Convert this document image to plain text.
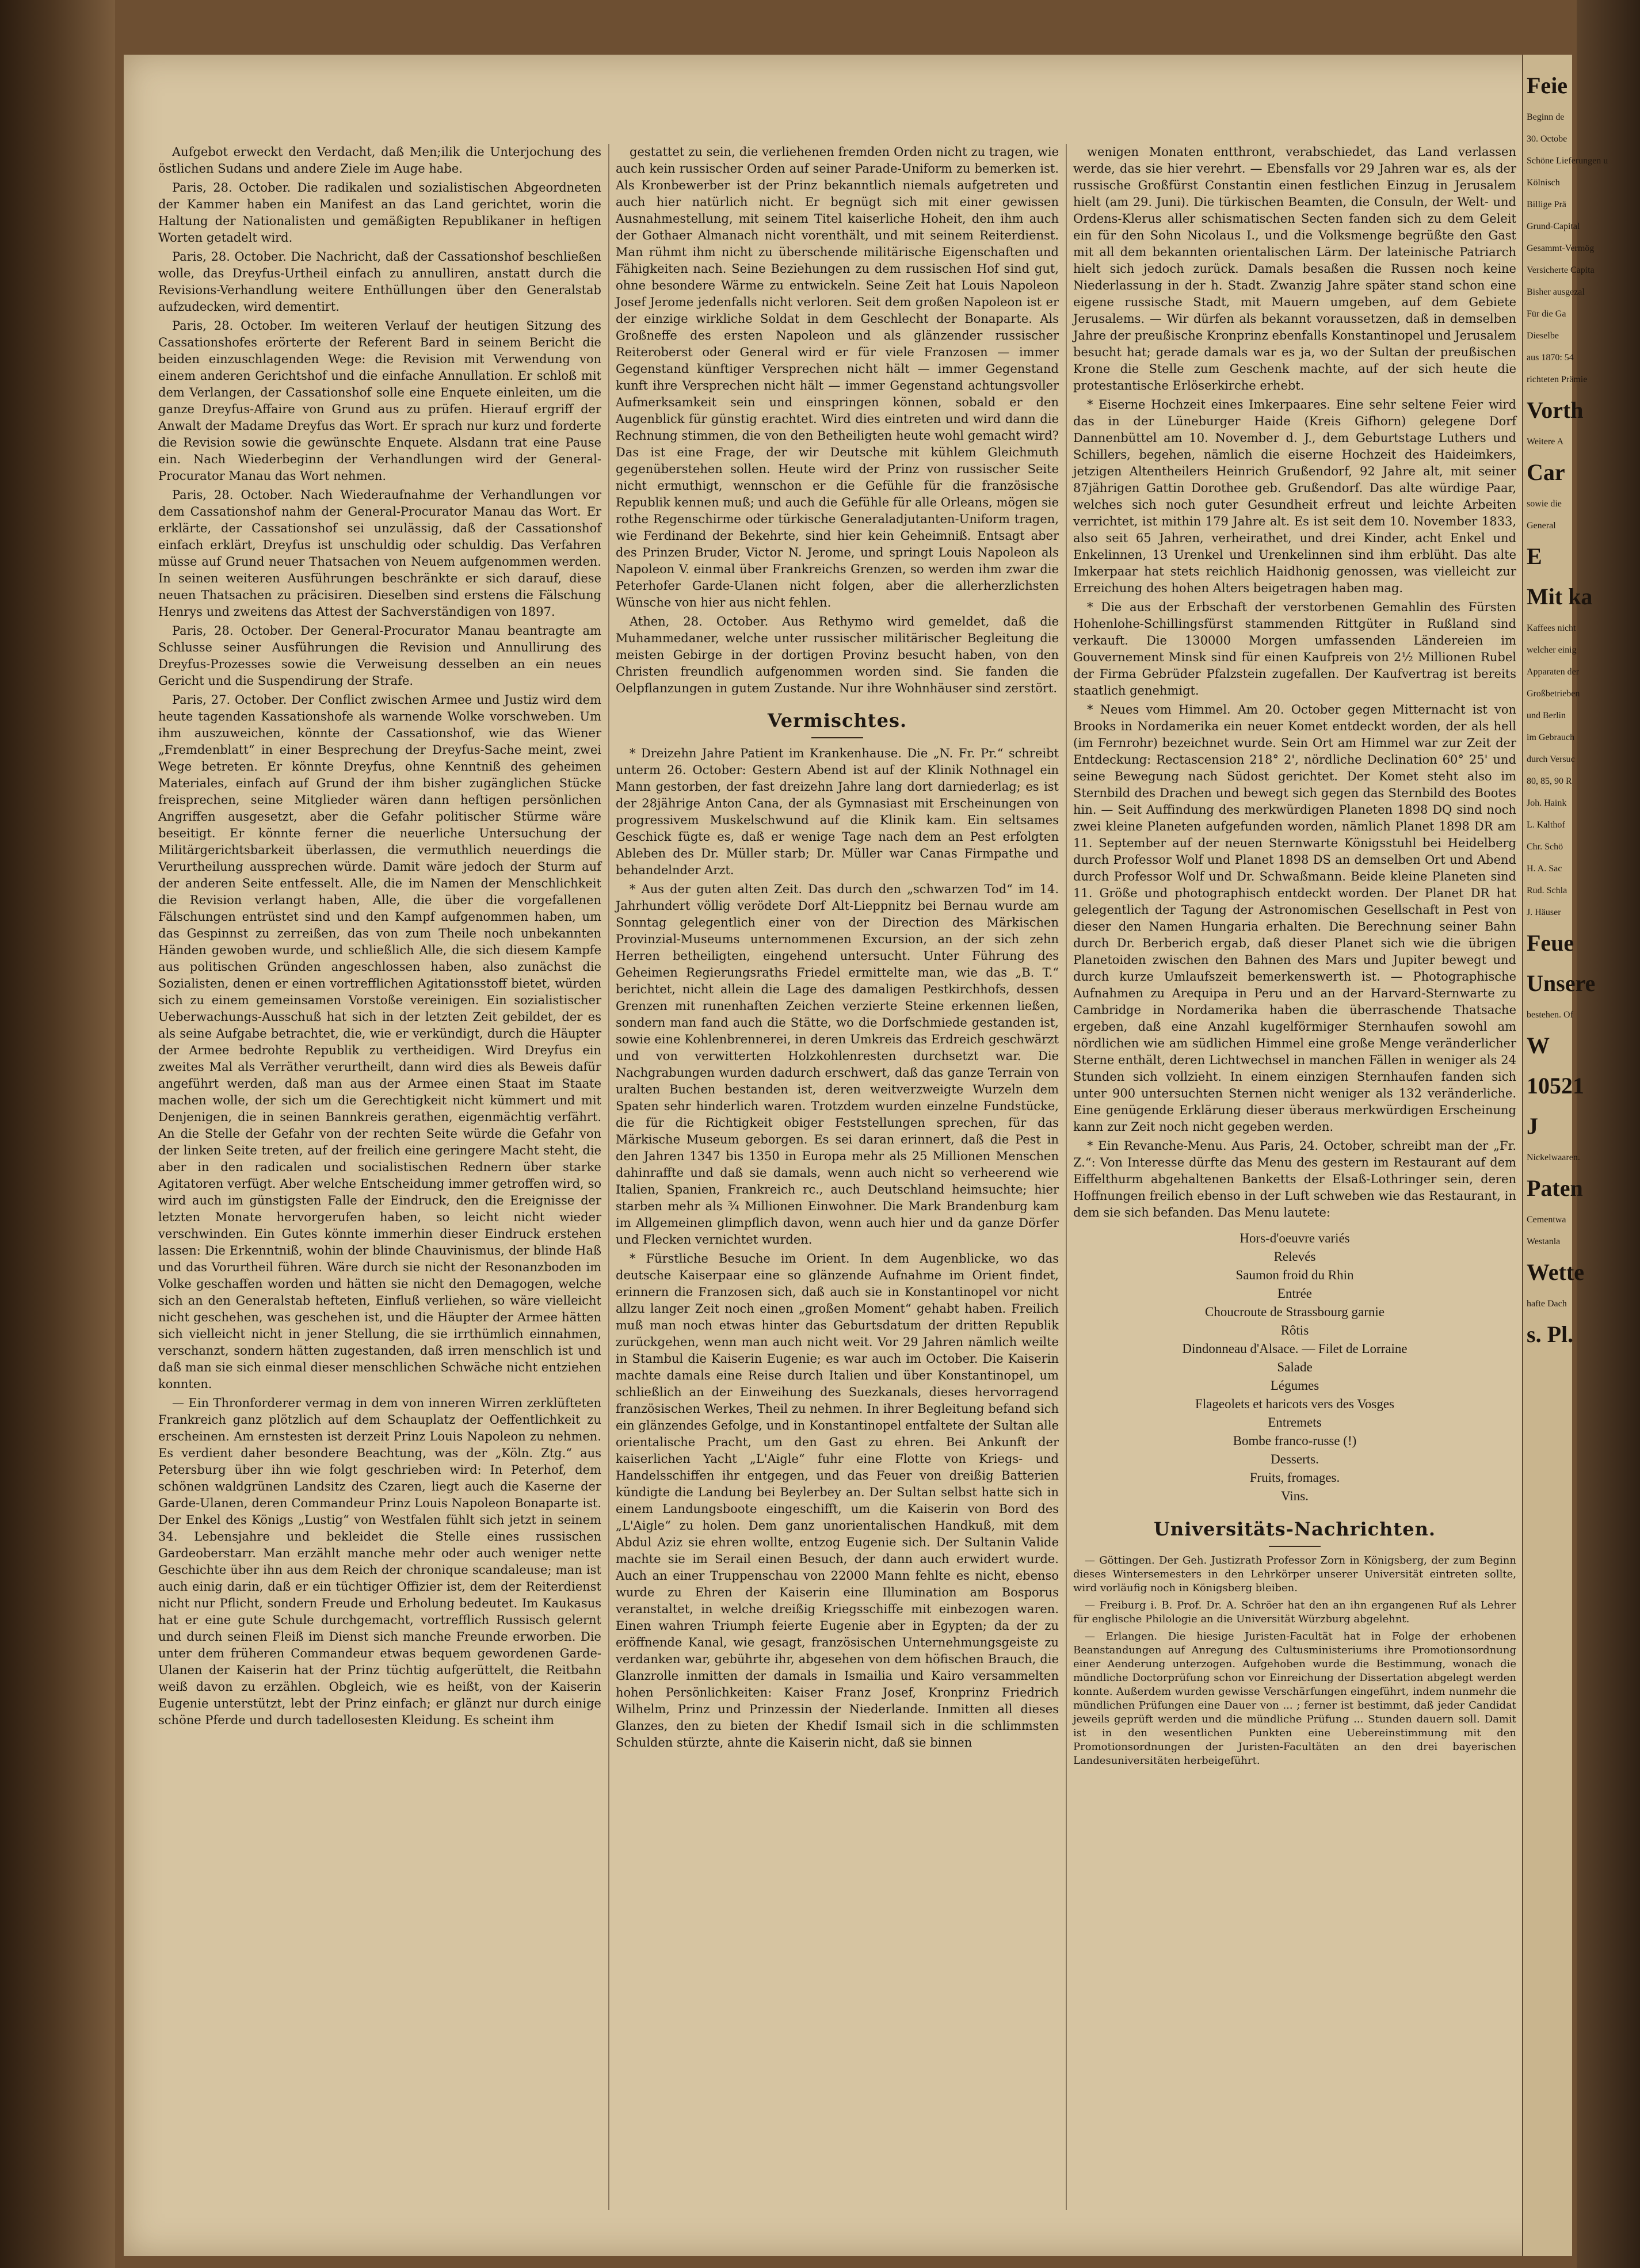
Aufgebot erweckt den Verdacht, daß Men;ilik die Unterjochung des östlichen Sudans und andere Ziele im Auge habe.

Paris, 28. October. Die radikalen und sozialistischen Abgeordneten der Kammer haben ein Manifest an das Land gerichtet, worin die Haltung der Nationalisten und gemäßigten Republikaner in heftigen Worten getadelt wird.

Paris, 28. October. Die Nachricht, daß der Cassationshof beschließen wolle, das Dreyfus-Urtheil einfach zu annulliren, anstatt durch die Revisions-Verhandlung weitere Enthüllungen über den Generalstab aufzudecken, wird dementirt.

Paris, 28. October. Im weiteren Verlauf der heutigen Sitzung des Cassationshofes erörterte der Referent Bard in seinem Bericht die beiden einzuschlagenden Wege: die Revision mit Verwendung von einem anderen Gerichtshof und die einfache Annullation. Er schloß mit dem Verlangen, der Cassationshof solle eine Enquete einleiten, um die ganze Dreyfus-Affaire von Grund aus zu prüfen. Hierauf ergriff der Anwalt der Madame Dreyfus das Wort. Er sprach nur kurz und forderte die Revision sowie die gewünschte Enquete. Alsdann trat eine Pause ein. Nach Wiederbeginn der Verhandlungen wird der General-Procurator Manau das Wort nehmen.

Paris, 28. October. Nach Wiederaufnahme der Verhandlungen vor dem Cassationshof nahm der General-Procurator Manau das Wort. Er erklärte, der Cassationshof sei unzulässig, daß der Cassationshof einfach erklärt, Dreyfus ist unschuldig oder schuldig. Das Verfahren müsse auf Grund neuer Thatsachen von Neuem aufgenommen werden. In seinen weiteren Ausführungen beschränkte er sich darauf, diese neuen Thatsachen zu präcisiren. Dieselben sind erstens die Fälschung Henrys und zweitens das Attest der Sachverständigen von 1897.

Paris, 28. October. Der General-Procurator Manau beantragte am Schlusse seiner Ausführungen die Revision und Annullirung des Dreyfus-Prozesses sowie die Verweisung desselben an ein neues Gericht und die Suspendirung der Strafe.

Paris, 27. October. Der Conflict zwischen Armee und Justiz wird dem heute tagenden Kassationshofe als warnende Wolke vorschweben. Um ihm auszuweichen, könnte der Cassationshof, wie das Wiener „Fremdenblatt“ in einer Besprechung der Dreyfus-Sache meint, zwei Wege betreten. Er könnte Dreyfus, ohne Kenntniß des geheimen Materiales, einfach auf Grund der ihm bisher zugänglichen Stücke freisprechen, seine Mitglieder wären dann heftigen persönlichen Angriffen ausgesetzt, aber die Gefahr politischer Stürme wäre beseitigt. Er könnte ferner die neuerliche Untersuchung der Militärgerichtsbarkeit überlassen, die vermuthlich neuerdings die Verurtheilung aussprechen würde. Damit wäre jedoch der Sturm auf der anderen Seite entfesselt. Alle, die im Namen der Menschlichkeit die Revision verlangt haben, Alle, die über die vorgefallenen Fälschungen entrüstet sind und den Kampf aufgenommen haben, um das Gespinnst zu zerreißen, das von zum Theile noch unbekannten Händen gewoben wurde, und schließlich Alle, die sich diesem Kampfe aus politischen Gründen angeschlossen haben, also zunächst die Sozialisten, denen er einen vortrefflichen Agitationsstoff bietet, würden sich zu einem gemeinsamen Vorstoße vereinigen. Ein sozialistischer Ueberwachungs-Ausschuß hat sich in der letzten Zeit gebildet, der es als seine Aufgabe betrachtet, die, wie er verkündigt, durch die Häupter der Armee bedrohte Republik zu vertheidigen. Wird Dreyfus ein zweites Mal als Verräther verurtheilt, dann wird dies als Beweis dafür angeführt werden, daß man aus der Armee einen Staat im Staate machen wolle, der sich um die Gerechtigkeit nicht kümmert und mit Denjenigen, die in seinen Bannkreis gerathen, eigenmächtig verfährt. An die Stelle der Gefahr von der rechten Seite würde die Gefahr von der linken Seite treten, auf der freilich eine geringere Macht steht, die aber in den radicalen und socialistischen Rednern über starke Agitatoren verfügt. Aber welche Entscheidung immer getroffen wird, so wird auch im günstigsten Falle der Eindruck, den die Ereignisse der letzten Monate hervorgerufen haben, so leicht nicht wieder verschwinden. Ein Gutes könnte immerhin dieser Eindruck erstehen lassen: Die Erkenntniß, wohin der blinde Chauvinismus, der blinde Haß und das Vorurtheil führen. Wäre durch sie nicht der Resonanzboden im Volke geschaffen worden und hätten sie nicht den Demagogen, welche sich an den Generalstab hefteten, Einfluß verliehen, so wäre vielleicht nicht geschehen, was geschehen ist, und die Häupter der Armee hätten sich vielleicht nicht in jener Stellung, die sie irrthümlich einnahmen, verschanzt, sondern hätten zugestanden, daß irren menschlich ist und daß man sie sich einmal dieser menschlichen Schwäche nicht entziehen konnten.

— Ein Thronforderer vermag in dem von inneren Wirren zerklüfteten Frankreich ganz plötzlich auf dem Schauplatz der Oeffentlichkeit zu erscheinen. Am ernstesten ist derzeit Prinz Louis Napoleon zu nehmen. Es verdient daher besondere Beachtung, was der „Köln. Ztg.“ aus Petersburg über ihn wie folgt geschrieben wird: In Peterhof, dem schönen waldgrünen Landsitz des Czaren, liegt auch die Kaserne der Garde-Ulanen, deren Commandeur Prinz Louis Napoleon Bonaparte ist. Der Enkel des Königs „Lustig“ von Westfalen fühlt sich jetzt in seinem 34. Lebensjahre und bekleidet die Stelle eines russischen Gardeoberstarr. Man erzählt manche mehr oder auch weniger nette Geschichte über ihn aus dem Reich der chronique scandaleuse; man ist auch einig darin, daß er ein tüchtiger Offizier ist, dem der Reiterdienst nicht nur Pflicht, sondern Freude und Erholung bedeutet. Im Kaukasus hat er eine gute Schule durchgemacht, vortrefflich Russisch gelernt und durch seinen Fleiß im Dienst sich manche Freunde erworben. Die unter dem früheren Commandeur etwas bequem gewordenen Garde-Ulanen der Kaiserin hat der Prinz tüchtig aufgerüttelt, die Reitbahn weiß davon zu erzählen. Obgleich, wie es heißt, von der Kaiserin Eugenie unterstützt, lebt der Prinz einfach; er glänzt nur durch einige schöne Pferde und durch tadellosesten Kleidung. Es scheint ihm

gestattet zu sein, die verliehenen fremden Orden nicht zu tragen, wie auch kein russischer Orden auf seiner Parade-Uniform zu bemerken ist. Als Kronbewerber ist der Prinz bekanntlich niemals aufgetreten und auch hier natürlich nicht. Er begnügt sich mit einer gewissen Ausnahmestellung, mit seinem Titel kaiserliche Hoheit, den ihm auch der Gothaer Almanach nicht vorenthält, und mit seinem Reiterdienst. Man rühmt ihm nicht zu überschende militärische Eigenschaften und Fähigkeiten nach. Seine Beziehungen zu dem russischen Hof sind gut, ohne besondere Wärme zu entwickeln. Seine Zeit hat Louis Napoleon Josef Jerome jedenfalls nicht verloren. Seit dem großen Napoleon ist er der einzige wirkliche Soldat in dem Geschlecht der Bonaparte. Als Großneffe des ersten Napoleon und als glänzender russischer Reiteroberst oder General wird er für viele Franzosen — immer Gegenstand künftiger Versprechen nicht hält — immer Gegenstand kunft ihre Versprechen nicht hält — immer Gegenstand achtungsvoller Aufmerksamkeit sein und einspringen können, sobald er den Augenblick für günstig erachtet. Wird dies eintreten und wird dann die Rechnung stimmen, die von den Betheiligten heute wohl gemacht wird? Das ist eine Frage, der wir Deutsche mit kühlem Gleichmuth gegenüberstehen sollen. Heute wird der Prinz von russischer Seite nicht ermuthigt, wennschon er die Gefühle für die französische Republik kennen muß; und auch die Gefühle für alle Orleans, mögen sie rothe Regenschirme oder türkische Generaladjutanten-Uniform tragen, wie Ferdinand der Bekehrte, sind hier kein Geheimniß. Entsagt aber des Prinzen Bruder, Victor N. Jerome, und springt Louis Napoleon als Napoleon V. einmal über Frankreichs Grenzen, so werden ihm zwar die Peterhofer Garde-Ulanen nicht folgen, aber die allerherzlichsten Wünsche von hier aus nicht fehlen.

Athen, 28. October. Aus Rethymo wird gemeldet, daß die Muhammedaner, welche unter russischer militärischer Begleitung die meisten Gebirge in der dortigen Provinz besucht haben, von den Christen freundlich aufgenommen worden sind. Sie fanden die Oelpflanzungen in gutem Zustande. Nur ihre Wohnhäuser sind zerstört.

Vermischtes.

* Dreizehn Jahre Patient im Krankenhause. Die „N. Fr. Pr.“ schreibt unterm 26. October: Gestern Abend ist auf der Klinik Nothnagel ein Mann gestorben, der fast dreizehn Jahre lang dort darniederlag; es ist der 28jährige Anton Cana, der als Gymnasiast mit Erscheinungen von progressivem Muskelschwund auf die Klinik kam. Ein seltsames Geschick fügte es, daß er wenige Tage nach dem an Pest erfolgten Ableben des Dr. Müller starb; Dr. Müller war Canas Firmpathe und behandelnder Arzt.

* Aus der guten alten Zeit. Das durch den „schwarzen Tod“ im 14. Jahrhundert völlig verödete Dorf Alt-Lieppnitz bei Bernau wurde am Sonntag gelegentlich einer von der Direction des Märkischen Provinzial-Museums unternommenen Excursion, an der sich zehn Herren betheiligten, eingehend untersucht. Unter Führung des Geheimen Regierungsraths Friedel ermittelte man, wie das „B. T.“ berichtet, nicht allein die Lage des damaligen Pestkirchhofs, dessen Grenzen mit runenhaften Zeichen verzierte Steine erkennen ließen, sondern man fand auch die Stätte, wo die Dorfschmiede gestanden ist, sowie eine Kohlenbrennerei, in deren Umkreis das Erdreich geschwärzt und von verwitterten Holzkohlenresten durchsetzt war. Die Nachgrabungen wurden dadurch erschwert, daß das ganze Terrain von uralten Buchen bestanden ist, deren weitverzweigte Wurzeln dem Spaten sehr hinderlich waren. Trotzdem wurden einzelne Fundstücke, die für die Richtigkeit obiger Feststellungen sprechen, für das Märkische Museum geborgen. Es sei daran erinnert, daß die Pest in den Jahren 1347 bis 1350 in Europa mehr als 25 Millionen Menschen dahinraffte und daß sie damals, wenn auch nicht so verheerend wie Italien, Spanien, Frankreich rc., auch Deutschland heimsuchte; hier starben mehr als ¾ Millionen Einwohner. Die Mark Brandenburg kam im Allgemeinen glimpflich davon, wenn auch hier und da ganze Dörfer und Flecken vernichtet wurden.

* Fürstliche Besuche im Orient. In dem Augenblicke, wo das deutsche Kaiserpaar eine so glänzende Aufnahme im Orient findet, erinnern die Franzosen sich, daß auch sie in Konstantinopel vor nicht allzu langer Zeit noch einen „großen Moment“ gehabt haben. Freilich muß man noch etwas hinter das Geburtsdatum der dritten Republik zurückgehen, wenn man auch nicht weit. Vor 29 Jahren nämlich weilte in Stambul die Kaiserin Eugenie; es war auch im October. Die Kaiserin machte damals eine Reise durch Italien und über Konstantinopel, um schließlich an der Einweihung des Suezkanals, dieses hervorragend französischen Werkes, Theil zu nehmen. In ihrer Begleitung befand sich ein glänzendes Gefolge, und in Konstantinopel entfaltete der Sultan alle orientalische Pracht, um den Gast zu ehren. Bei Ankunft der kaiserlichen Yacht „L'Aigle“ fuhr eine Flotte von Kriegs- und Handelsschiffen ihr entgegen, und das Feuer von dreißig Batterien kündigte die Landung bei Beylerbey an. Der Sultan selbst hatte sich in einem Landungsboote eingeschifft, um die Kaiserin von Bord des „L'Aigle“ zu holen. Dem ganz unorientalischen Handkuß, mit dem Abdul Aziz sie ehren wollte, entzog Eugenie sich. Der Sultanin Valide machte sie im Serail einen Besuch, der dann auch erwidert wurde. Auch an einer Truppenschau von 22000 Mann fehlte es nicht, ebenso wurde zu Ehren der Kaiserin eine Illumination am Bosporus veranstaltet, in welche dreißig Kriegsschiffe mit einbezogen waren. Einen wahren Triumph feierte Eugenie aber in Egypten; da der zu eröffnende Kanal, wie gesagt, französischen Unternehmungsgeiste zu verdanken war, gebührte ihr, abgesehen von dem höfischen Brauch, die Glanzrolle inmitten der damals in Ismailia und Kairo versammelten hohen Persönlichkeiten: Kaiser Franz Josef, Kronprinz Friedrich Wilhelm, Prinz und Prinzessin der Niederlande. Inmitten all dieses Glanzes, den zu bieten der Khedif Ismail sich in die schlimmsten Schulden stürzte, ahnte die Kaiserin nicht, daß sie binnen

wenigen Monaten entthront, verabschiedet, das Land verlassen werde, das sie hier verehrt. — Ebensfalls vor 29 Jahren war es, als der russische Großfürst Constantin einen festlichen Einzug in Jerusalem hielt (am 29. Juni). Die türkischen Beamten, die Consuln, der Welt- und Ordens-Klerus aller schismatischen Secten fanden sich zu dem Geleit ein für den Sohn Nicolaus I., und die Volksmenge begrüßte den Gast mit all dem bekannten orientalischen Lärm. Der lateinische Patriarch hielt sich jedoch zurück. Damals besaßen die Russen noch keine Niederlassung in der h. Stadt. Zwanzig Jahre später stand schon eine eigene russische Stadt, mit Mauern umgeben, auf dem Gebiete Jerusalems. — Wir dürfen als bekannt voraussetzen, daß in demselben Jahre der preußische Kronprinz ebenfalls Konstantinopel und Jerusalem besucht hat; gerade damals war es ja, wo der Sultan der preußischen Krone die Stelle zum Geschenk machte, auf der sich heute die protestantische Erlöserkirche erhebt.

* Eiserne Hochzeit eines Imkerpaares. Eine sehr seltene Feier wird das in der Lüneburger Haide (Kreis Gifhorn) gelegene Dorf Dannenbüttel am 10. November d. J., dem Geburtstage Luthers und Schillers, begehen, nämlich die eiserne Hochzeit des Haideimkers, jetzigen Altentheilers Heinrich Grußendorf, 92 Jahre alt, mit seiner 87jährigen Gattin Dorothee geb. Grußendorf. Das alte würdige Paar, welches sich noch guter Gesundheit erfreut und leichte Arbeiten verrichtet, ist mithin 179 Jahre alt. Es ist seit dem 10. November 1833, also seit 65 Jahren, verheirathet, und drei Kinder, acht Enkel und Enkelinnen, 13 Urenkel und Urenkelinnen sind ihm erblüht. Das alte Imkerpaar hat stets reichlich Haidhonig genossen, was vielleicht zur Erreichung des hohen Alters beigetragen haben mag.

* Die aus der Erbschaft der verstorbenen Gemahlin des Fürsten Hohenlohe-Schillingsfürst stammenden Rittgüter in Rußland sind verkauft. Die 130000 Morgen umfassenden Ländereien im Gouvernement Minsk sind für einen Kaufpreis von 2½ Millionen Rubel der Firma Gebrüder Pfalzstein zugefallen. Der Kaufvertrag ist bereits staatlich genehmigt.

* Neues vom Himmel. Am 20. October gegen Mitternacht ist von Brooks in Nordamerika ein neuer Komet entdeckt worden, der als hell (im Fernrohr) bezeichnet wurde. Sein Ort am Himmel war zur Zeit der Entdeckung: Rectascension 218° 2', nördliche Declination 60° 25' und seine Bewegung nach Südost gerichtet. Der Komet steht also im Sternbild des Drachen und bewegt sich gegen das Sternbild des Bootes hin. — Seit Auffindung des merkwürdigen Planeten 1898 DQ sind noch zwei kleine Planeten aufgefunden worden, nämlich Planet 1898 DR am 11. September auf der neuen Sternwarte Königsstuhl bei Heidelberg durch Professor Wolf und Planet 1898 DS an demselben Ort und Abend durch Professor Wolf und Dr. Schwaßmann. Beide kleine Planeten sind 11. Größe und photographisch entdeckt worden. Der Planet DR hat gelegentlich der Tagung der Astronomischen Gesellschaft in Pest von dieser den Namen Hungaria erhalten. Die Berechnung seiner Bahn durch Dr. Berberich ergab, daß dieser Planet sich wie die übrigen Planetoiden zwischen den Bahnen des Mars und Jupiter bewegt und durch kurze Umlaufszeit bemerkenswerth ist. — Photographische Aufnahmen zu Arequipa in Peru und an der Harvard-Sternwarte zu Cambridge in Nordamerika haben die überraschende Thatsache ergeben, daß eine Anzahl kugelförmiger Sternhaufen sowohl am nördlichen wie am südlichen Himmel eine große Menge veränderlicher Sterne enthält, deren Lichtwechsel in manchen Fällen in weniger als 24 Stunden sich vollzieht. In einem einzigen Sternhaufen fanden sich unter 900 untersuchten Sternen nicht weniger als 132 veränderliche. Eine genügende Erklärung dieser überaus merkwürdigen Erscheinung kann zur Zeit noch nicht gegeben werden.

* Ein Revanche-Menu. Aus Paris, 24. October, schreibt man der „Fr. Z.“: Von Interesse dürfte das Menu des gestern im Restaurant auf dem Eiffelthurm abgehaltenen Banketts der Elsaß-Lothringer sein, deren Hoffnungen freilich ebenso in der Luft schweben wie das Restaurant, in dem sie sich befanden. Das Menu lautete:

Hors-d'oeuvre variés
Relevés
Saumon froid du Rhin
Entrée
Choucroute de Strassbourg garnie
Rôtis
Dindonneau d'Alsace. — Filet de Lorraine
Salade
Légumes
Flageolets et haricots vers des Vosges
Entremets
Bombe franco-russe (!)
Desserts.
Fruits, fromages.
Vins.
Universitäts-Nachrichten.

— Göttingen. Der Geh. Justizrath Professor Zorn in Königsberg, der zum Beginn dieses Wintersemesters in den Lehrkörper unserer Universität eintreten sollte, wird vorläufig noch in Königsberg bleiben.

— Freiburg i. B. Prof. Dr. A. Schröer hat den an ihn ergangenen Ruf als Lehrer für englische Philologie an die Universität Würzburg abgelehnt.

— Erlangen. Die hiesige Juristen-Facultät hat in Folge der erhobenen Beanstandungen auf Anregung des Cultusministeriums ihre Promotionsordnung einer Aenderung unterzogen. Aufgehoben wurde die Bestimmung, wonach die mündliche Doctorprüfung schon vor Einreichung der Dissertation abgelegt werden konnte. Außerdem wurden gewisse Verschärfungen eingeführt, indem nunmehr die mündlichen Prüfungen eine Dauer von ... ; ferner ist bestimmt, daß jeder Candidat jeweils geprüft werden und die mündliche Prüfung ... Stunden dauern soll. Damit ist in den wesentlichen Punkten eine Uebereinstimmung mit den Promotionsordnungen der Juristen-Facultäten an den drei bayerischen Landesuniversitäten herbeigeführt.

Feie
Beginn de
30. Octobe
Schöne Lieferungen u
Kölnisch
Billige Prä
Grund-Capital
Gesammt-Vermög
Versicherte Capita
Bisher ausgezal
Für die Ga
Dieselbe
aus 1870: 54
richteten Prämie
Vorth
Weitere A
Car
sowie die
General
E
Mit ka
Kaffees nicht
welcher einig
Apparaten der
Großbetrieben
und Berlin
im Gebrauch
durch Versuc
80, 85, 90 R
Joh. Haink
L. Kalthof
Chr. Schö
H. A. Sac
Rud. Schla
J. Häuser
Feue
Unsere
bestehen. Of
W
10521
J
Nickelwaaren.
Paten
Cementwa
Westanla
Wette
hafte Dach
s. Pl.
